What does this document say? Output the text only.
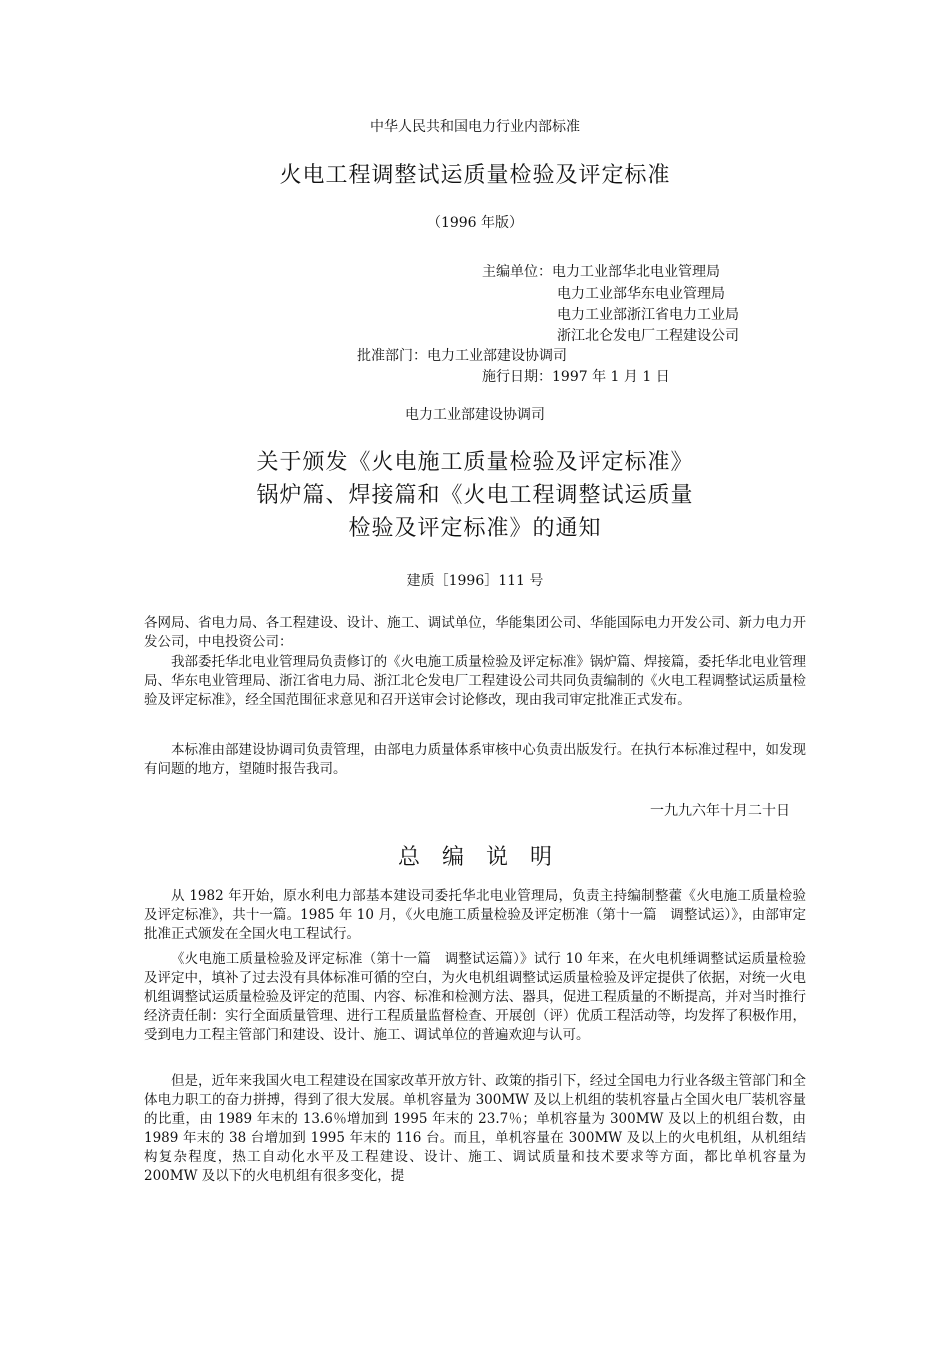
中华人民共和国电力行业内部标准
火电工程调整试运质量检验及评定标准
（1996 年版）
主编单位：电力工业部华北电业管理局
电力工业部华东电业管理局
电力工业部浙江省电力工业局
浙江北仑发电厂工程建设公司
批准部门：电力工业部建设协调司
施行日期：1997 年 1 月 1 日
电力工业部建设协调司
关于颁发《火电施工质量检验及评定标准》
锅炉篇、焊接篇和《火电工程调整试运质量
检验及评定标准》的通知
建质［1996］111 号
各网局、省电力局、各工程建设、设计、施工、调试单位，华能集团公司、华能国际电力开发公司、新力电力开发公司，中电投资公司：
我部委托华北电业管理局负责修订的《火电施工质量检验及评定标准》锅炉篇、焊接篇，委托华北电业管理局、华东电业管理局、浙江省电力局、浙江北仑发电厂工程建设公司共同负责编制的《火电工程调整试运质量检验及评定标准》，经全国范围征求意见和召开送审会讨论修改，现由我司审定批准正式发布。
本标准由部建设协调司负责管理，由部电力质量体系审核中心负责出版发行。在执行本标准过程中，如发现有问题的地方，望随时报告我司。
一九九六年十月二十日
总编说明
从 1982 年开始，原水利电力部基本建设司委托华北电业管理局，负责主持编制整藿《火电施工质量检验及评定标准》，共十一篇。1985 年 10 月，《火电施工质量检验及评定枥准（第十一篇　调整试运）》，由部审定批准正式颁发在全国火电工程试行。
《火电施工质量检验及评定标准（第十一篇　调整试运篇）》试行 10 年来，在火电机缍调整试运质量检验及评定中，填补了过去没有具体标准可循的空白，为火电机组调整试运质量检验及评定提供了依据，对统一火电机组调整试运质量检验及评定的范围、内容、标准和检测方法、器具，促进工程质量的不断提高，并对当时推行经济责任制：实行全面质量管理、进行工程质量监督检查、开展创（评）优质工程活动等，均发挥了积极作用，受到电力工程主管部门和建设、设计、施工、调试单位的普遍欢迎与认可。
但是，近年来我国火电工程建设在国家改革开放方针、政策的指引下，经过全国电力行业各级主管部门和全体电力职工的奋力拼搏，得到了很大发展。单机容量为 300MW 及以上机组的装机容量占全国火电厂装机容量的比重，由 1989 年末的 13.6％增加到 1995 年末的 23.7％；单机容量为 300MW 及以上的机组台数，由 1989 年末的 38 台增加到 1995 年末的 116 台。而且，单机容量在 300MW 及以上的火电机组，从机组结构复杂程度，热工自动化水平及工程建设、设计、施工、调试质量和技术要求等方面，都比单机容量为 200MW 及以下的火电机组有很多变化，提
